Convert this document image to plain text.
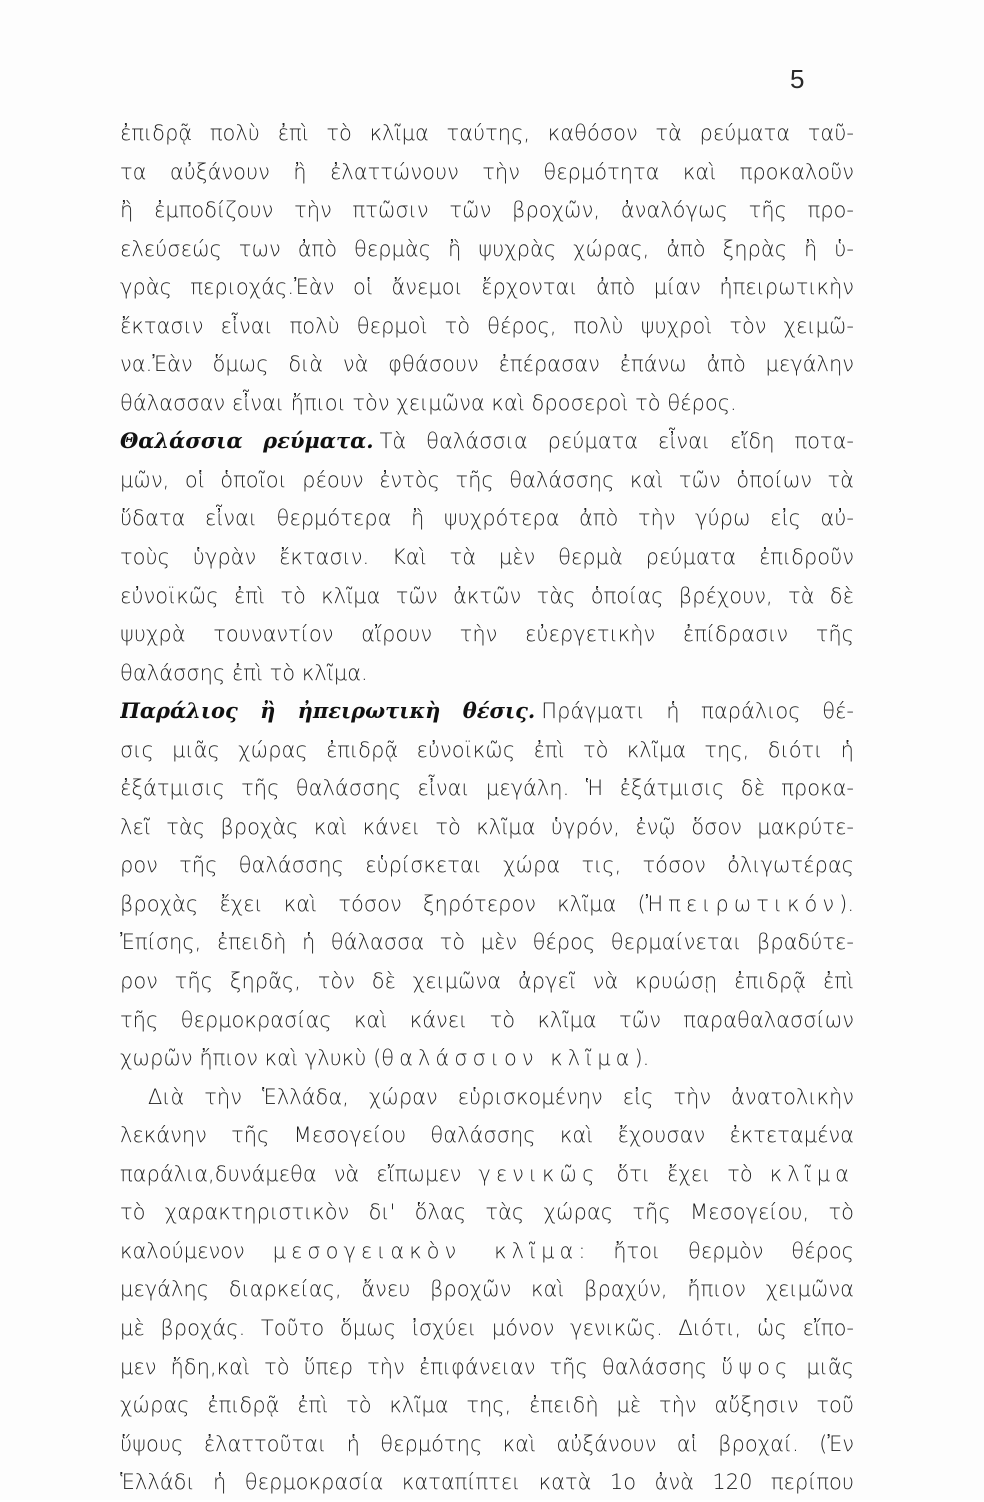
5
ἐπιδρᾷ πολὺ ἐπὶ τὸ κλῖμα ταύτης, καθόσον τὰ ρεύματα ταῦ-
τα αὐξάνουν ἢ ἐλαττώνουν τὴν θερμότητα καὶ προκαλοῦν
ἢ ἐμποδίζουν τὴν πτῶσιν τῶν βροχῶν, ἀναλόγως τῆς προ-
ελεύσεώς των ἀπὸ θερμὰς ἢ ψυχρὰς χώρας, ἀπὸ ξηρὰς ἢ ὑ-
γρὰς περιοχάς.Ἐὰν οἱ ἄνεμοι ἔρχονται ἀπὸ μίαν ἠπειρωτικὴν
ἔκτασιν εἶναι πολὺ θερμοὶ τὸ θέρος, πολὺ ψυχροὶ τὸν χειμῶ-
να.Ἐὰν ὅμως διὰ νὰ φθάσουν ἐπέρασαν ἐπάνω ἀπὸ μεγάλην
θάλασσαν εἶναι ἤπιοι τὸν χειμῶνα καὶ δροσεροὶ τὸ θέρος.
Θαλάσσια ρεύματα. Τὰ θαλάσσια ρεύματα εἶναι εἴδη ποτα-
μῶν, οἱ ὁποῖοι ρέουν ἐντὸς τῆς θαλάσσης καὶ τῶν ὁποίων τὰ
ὕδατα εἶναι θερμότερα ἢ ψυχρότερα ἀπὸ τὴν γύρω εἰς αὐ-
τοὺς ὑγρὰν ἔκτασιν. Καὶ τὰ μὲν θερμὰ ρεύματα ἐπιδροῦν
εὐνοϊκῶς ἐπὶ τὸ κλῖμα τῶν ἀκτῶν τὰς ὁποίας βρέχουν, τὰ δὲ
ψυχρὰ τουναντίον αἴρουν τὴν εὐεργετικὴν ἐπίδρασιν τῆς
θαλάσσης ἐπὶ τὸ κλῖμα.
Παράλιος ἢ ἠπειρωτικὴ θέσις. Πράγματι ἡ παράλιος θέ-
σις μιᾶς χώρας ἐπιδρᾷ εὐνοϊκῶς ἐπὶ τὸ κλῖμα της, διότι ἡ
ἐξάτμισις τῆς θαλάσσης εἶναι μεγάλη. Ἡ ἐξάτμισις δὲ προκα-
λεῖ τὰς βροχὰς καὶ κάνει τὸ κλῖμα ὑγρόν, ἐνῷ ὅσον μακρύτε-
ρον τῆς θαλάσσης εὑρίσκεται χώρα τις, τόσον ὀλιγωτέρας
βροχὰς ἔχει καὶ τόσον ξηρότερον κλῖμα (Ἠπειρωτικόν).
Ἐπίσης, ἐπειδὴ ἡ θάλασσα τὸ μὲν θέρος θερμαίνεται βραδύτε-
ρον τῆς ξηρᾶς, τὸν δὲ χειμῶνα ἀργεῖ νὰ κρυώσῃ ἐπιδρᾷ ἐπὶ
τῆς θερμοκρασίας καὶ κάνει τὸ κλῖμα τῶν παραθαλασσίων
χωρῶν ἤπιον καὶ γλυκὺ (θαλάσσιον κλῖμα).
Διὰ τὴν Ἑλλάδα, χώραν εὑρισκομένην εἰς τὴν ἀνατολικὴν
λεκάνην τῆς Μεσογείου θαλάσσης καὶ ἔχουσαν ἐκτεταμένα
παράλια,δυνάμεθα νὰ εἴπωμεν γενικῶς ὅτι ἔχει τὸ κλῖμα
τὸ χαρακτηριστικὸν δι' ὅλας τὰς χώρας τῆς Μεσογείου, τὸ
καλούμενον μεσογειακὸν κλῖμα: ἤτοι θερμὸν θέρος
μεγάλης διαρκείας, ἄνευ βροχῶν καὶ βραχύν, ἤπιον χειμῶνα
μὲ βροχάς. Τοῦτο ὅμως ἰσχύει μόνον γενικῶς. Διότι, ὡς εἴπο-
μεν ἤδη,καὶ τὸ ὕπερ τὴν ἐπιφάνειαν τῆς θαλάσσης ὕψος μιᾶς
χώρας ἐπιδρᾷ ἐπὶ τὸ κλῖμα της, ἐπειδὴ μὲ τὴν αὔξησιν τοῦ
ὕψους ἐλαττοῦται ἡ θερμότης καὶ αὐξάνουν αἱ βροχαί. (Ἐν
Ἑλλάδι ἡ θερμοκρασία καταπίπτει κατὰ 1ο ἀνὰ 120 περίπου
